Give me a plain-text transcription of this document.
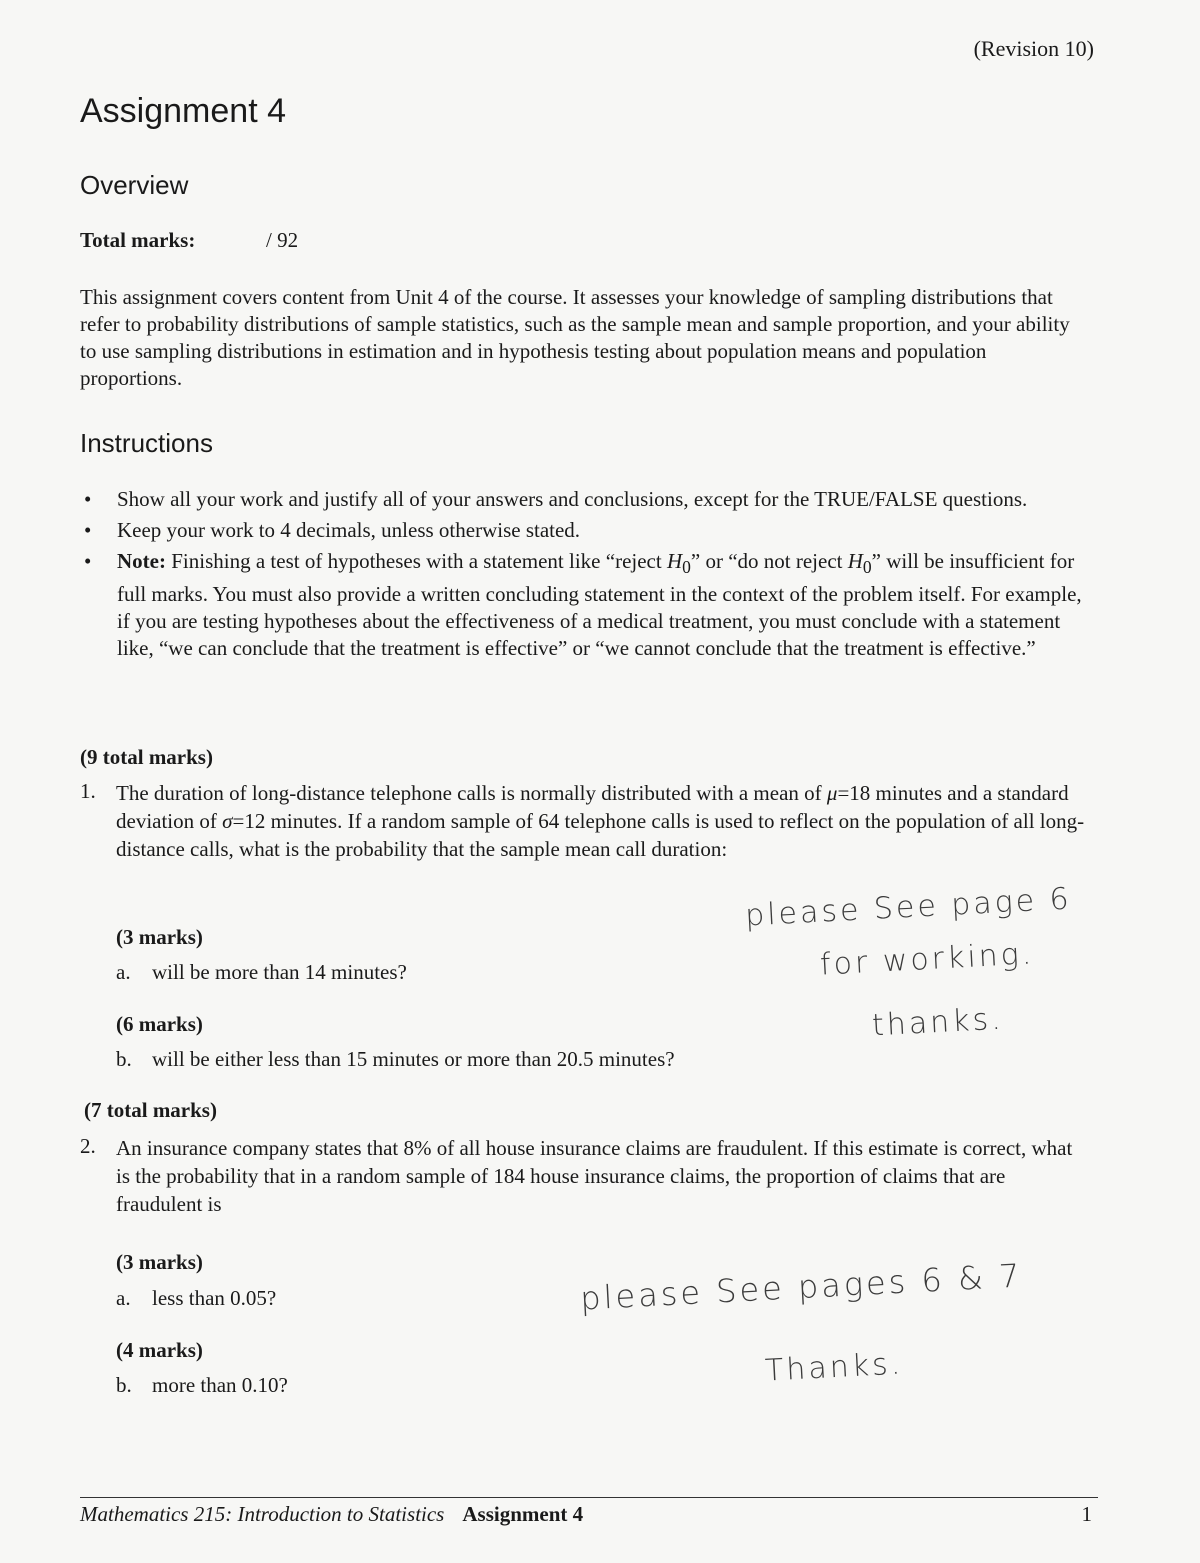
(Revision 10)
Assignment 4
Overview
Total marks:	/ 92

This assignment covers content from Unit 4 of the course. It assesses your knowledge of sampling distributions that refer to probability distributions of sample statistics, such as the sample mean and sample proportion, and your ability to use sampling distributions in estimation and in hypothesis testing about population means and population proportions.

Instructions
• Show all your work and justify all of your answers and conclusions, except for the TRUE/FALSE questions.
• Keep your work to 4 decimals, unless otherwise stated.
• Note: Finishing a test of hypotheses with a statement like “reject $H_0$” or “do not reject $H_0$” will be insufficient for full marks. You must also provide a written concluding statement in the context of the problem itself. For example, if you are testing hypotheses about the effectiveness of a medical treatment, you must conclude with a statement like, “we can conclude that the treatment is effective” or “we cannot conclude that the treatment is effective.”
(9 total marks)
1. The duration of long-distance telephone calls is normally distributed with a mean of μ=18 minutes and a standard deviation of σ=12 minutes. If a random sample of 64 telephone calls is used to reflect on the population of all long-distance calls, what is the probability that the sample mean call duration:

(3 marks)
a. will be more than 14 minutes?
(6 marks)
b. will be either less than 15 minutes or more than 20.5 minutes?
please See page 6
for working.
thanks.
(7 total marks)
2. An insurance company states that 8% of all house insurance claims are fraudulent. If this estimate is correct, what is the probability that in a random sample of 184 house insurance claims, the proportion of claims that are fraudulent is

(3 marks)
a. less than 0.05?
(4 marks)
b. more than 0.10?
please See pages 6 & 7
Thanks.
Mathematics 215: Introduction to Statistics Assignment 4	1
